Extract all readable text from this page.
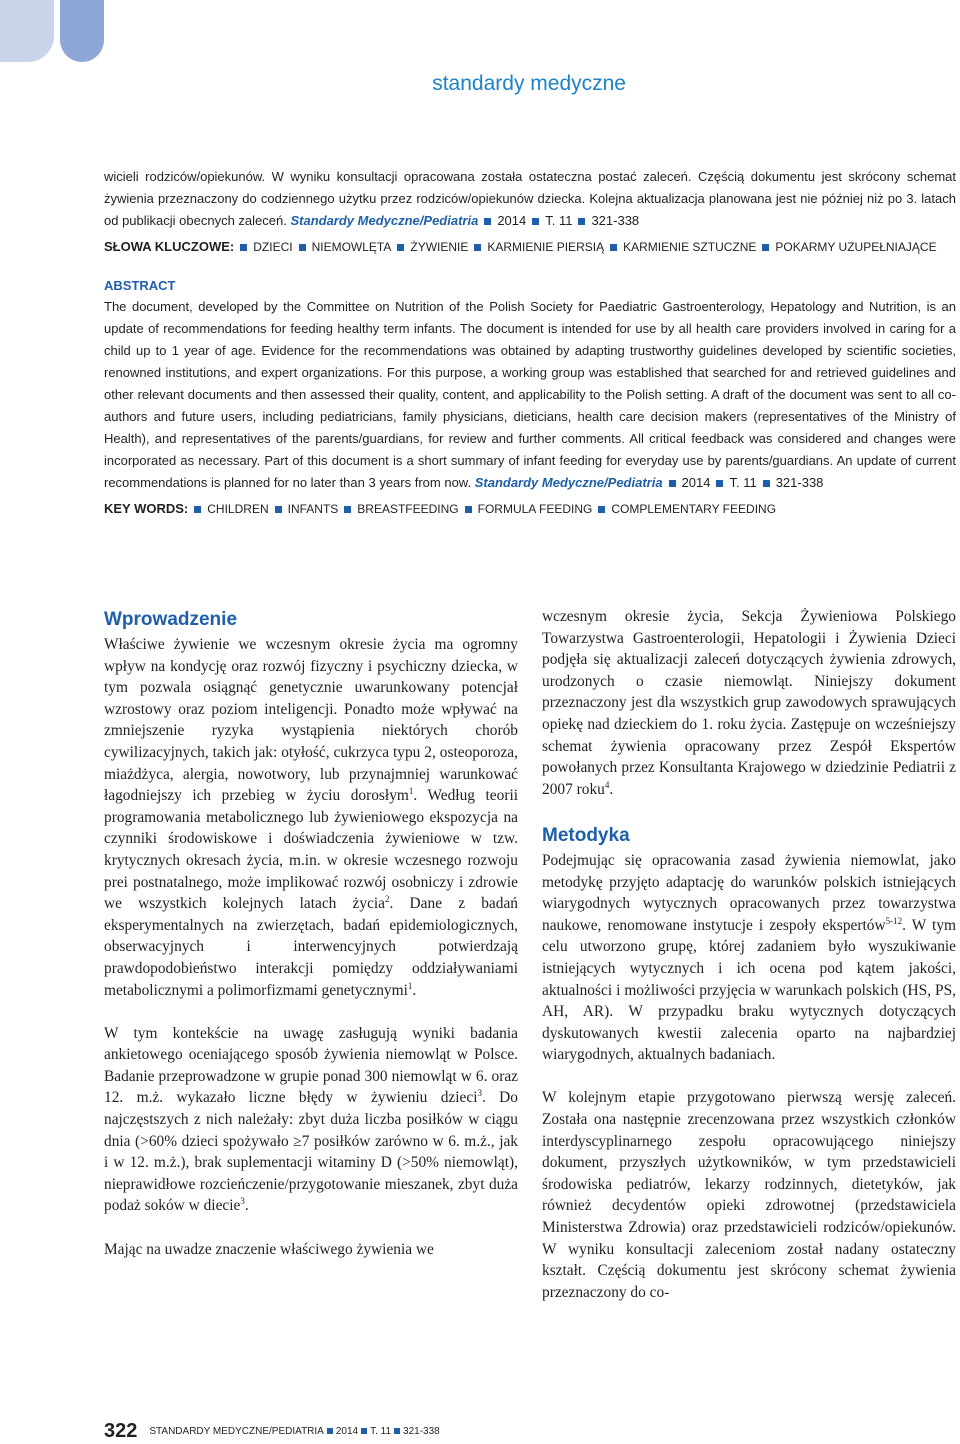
standardy medyczne

wicieli rodziców/opiekunów. W wyniku konsultacji opracowana została ostateczna postać zaleceń. Częścią dokumentu jest skrócony schemat żywienia przeznaczony do codziennego użytku przez rodziców/opiekunów dziecka. Kolejna aktualizacja planowana jest nie później niż po 3. latach od publikacji obecnych zaleceń. Standardy Medyczne/Pediatria 2014 T. 11 321-338

SŁOWA KLUCZOWE: DZIECI NIEMOWLĘTA ŻYWIENIE KARMIENIE PIERSIĄ KARMIENIE SZTUCZNE POKARMY UZUPEŁNIAJĄCE
ABSTRACT

The document, developed by the Committee on Nutrition of the Polish Society for Paediatric Gastroenterology, Hepatology and Nutrition, is an update of recommendations for feeding healthy term infants. The document is intended for use by all health care providers involved in caring for a child up to 1 year of age. Evidence for the recommendations was obtained by adapting trustworthy guidelines developed by scientific societies, renowned institutions, and expert organizations. For this purpose, a working group was established that searched for and retrieved guidelines and other relevant documents and then assessed their quality, content, and applicability to the Polish setting. A draft of the document was sent to all co-authors and future users, including pediatricians, family physicians, dieticians, health care decision makers (representatives of the Ministry of Health), and representatives of the parents/guardians, for review and further comments. All critical feedback was considered and changes were incorporated as necessary. Part of this document is a short summary of infant feeding for everyday use by parents/guardians. An update of current recommendations is planned for no later than 3 years from now. Standardy Medyczne/Pediatria 2014 T. 11 321-338

KEY WORDS: CHILDREN INFANTS BREASTFEEDING FORMULA FEEDING COMPLEMENTARY FEEDING
Wprowadzenie

Właściwe żywienie we wczesnym okresie życia ma ogromny wpływ na kondycję oraz rozwój fizyczny i psychiczny dziecka, w tym pozwala osiągnąć genetycznie uwarunkowany potencjał wzrostowy oraz poziom inteligencji. Ponadto może wpływać na zmniejszenie ryzyka wystąpienia niektórych chorób cywilizacyjnych, takich jak: otyłość, cukrzyca typu 2, osteoporoza, miażdżyca, alergia, nowotwory, lub przynajmniej warunkować łagodniejszy ich przebieg w życiu dorosłym$^1$. Według teorii programowania metabolicznego lub żywieniowego ekspozycja na czynniki środowiskowe i doświadczenia żywieniowe w tzw. krytycznych okresach życia, m.in. w okresie wczesnego rozwoju prei postnatalnego, może implikować rozwój osobniczy i zdrowie we wszystkich kolejnych latach życia$^2$. Dane z badań eksperymentalnych na zwierzętach, badań epidemiologicznych, obserwacyjnych i interwencyjnych potwierdzają prawdopodobieństwo interakcji pomiędzy oddziaływaniami metabolicznymi a polimorfizmami genetycznymi$^1$.

W tym kontekście na uwagę zasługują wyniki badania ankietowego oceniającego sposób żywienia niemowląt w Polsce. Badanie przeprowadzone w grupie ponad 300 niemowląt w 6. oraz 12. m.ż. wykazało liczne błędy w żywieniu dzieci$^3$. Do najczęstszych z nich należały: zbyt duża liczba posiłków w ciągu dnia (>60% dzieci spożywało ≥7 posiłków zarówno w 6. m.ż., jak i w 12. m.ż.), brak suplementacji witaminy D (>50% niemowląt), nieprawidłowe rozcieńczenie/przygotowanie mieszanek, zbyt duża podaż soków w diecie$^3$.

Mając na uwadze znaczenie właściwego żywienia we

wczesnym okresie życia, Sekcja Żywieniowa Polskiego Towarzystwa Gastroenterologii, Hepatologii i Żywienia Dzieci podjęła się aktualizacji zaleceń dotyczących żywienia zdrowych, urodzonych o czasie niemowląt. Niniejszy dokument przeznaczony jest dla wszystkich grup zawodowych sprawujących opiekę nad dzieckiem do 1. roku życia. Zastępuje on wcześniejszy schemat żywienia opracowany przez Zespół Ekspertów powołanych przez Konsultanta Krajowego w dziedzinie Pediatrii z 2007 roku$^4$.

Metodyka

Podejmując się opracowania zasad żywienia niemowlat, jako metodykę przyjęto adaptację do warunków polskich istniejących wiarygodnych wytycznych opracowanych przez towarzystwa naukowe, renomowane instytucje i zespoły ekspertów$^{5-12}$. W tym celu utworzono grupę, której zadaniem było wyszukiwanie istniejących wytycznych i ich ocena pod kątem jakości, aktualności i możliwości przyjęcia w warunkach polskich (HS, PS, AH, AR). W przypadku braku wytycznych dotyczących dyskutowanych kwestii zalecenia oparto na najbardziej wiarygodnych, aktualnych badaniach.

W kolejnym etapie przygotowano pierwszą wersję zaleceń. Została ona następnie zrecenzowana przez wszystkich członków interdyscyplinarnego zespołu opracowującego niniejszy dokument, przyszłych użytkowników, w tym przedstawicieli środowiska pediatrów, lekarzy rodzinnych, dietetyków, jak również decydentów opieki zdrowotnej (przedstawiciela Ministerstwa Zdrowia) oraz przedstawicieli rodziców/opiekunów. W wyniku konsultacji zaleceniom został nadany ostateczny kształt. Częścią dokumentu jest skrócony schemat żywienia przeznaczony do co-

322 STANDARDY MEDYCZNE/PEDIATRIA 2014 T. 11 321-338
